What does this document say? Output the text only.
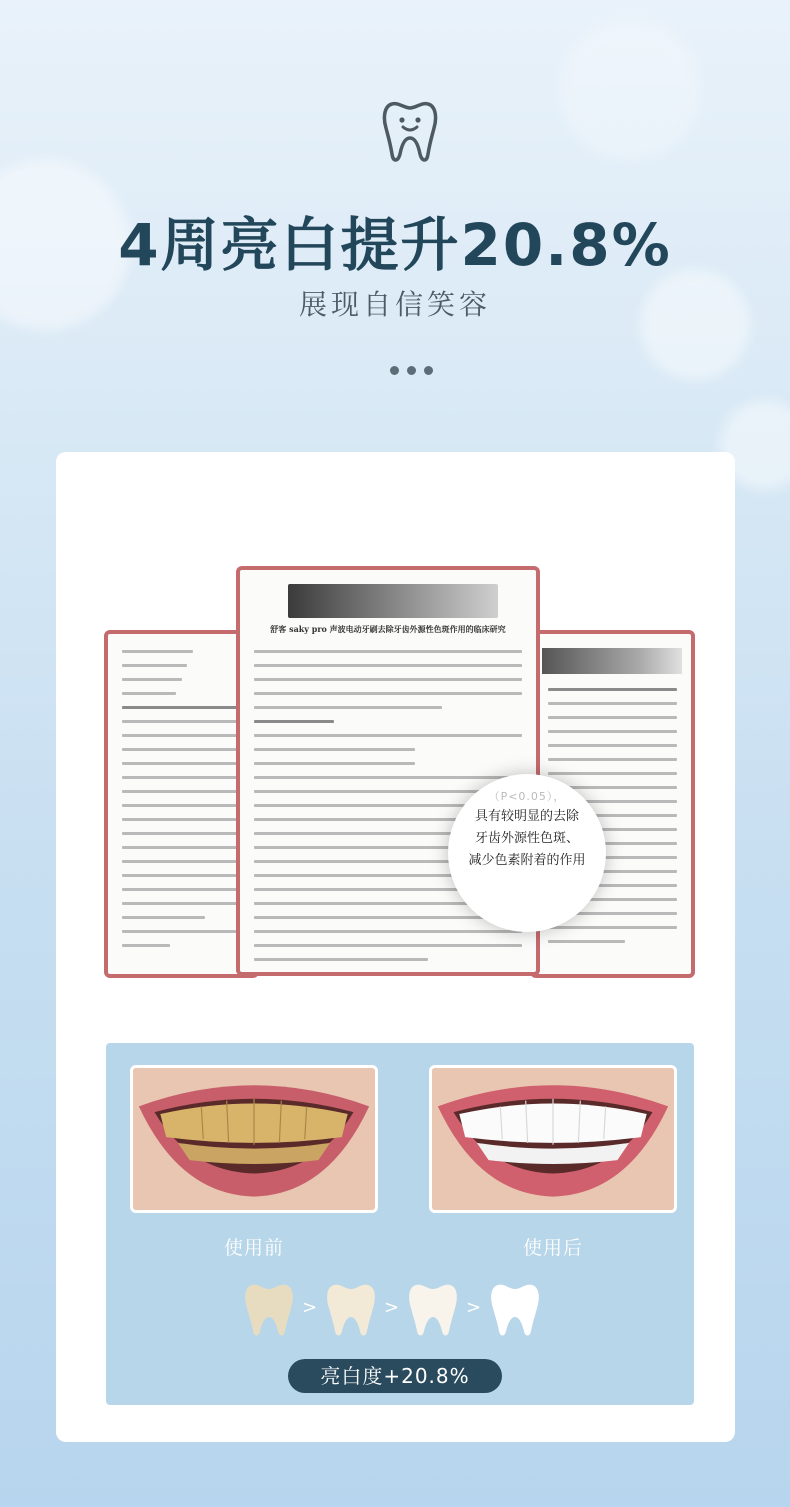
4周亮白提升20.8%
展现自信笑容
舒客 saky pro 声波电动牙刷去除牙齿外源性色斑作用的临床研究
（P<0.05），
具有较明显的去除
牙齿外源性色斑、
减少色素附着的作用
使用前	使用后
>	>	>
亮白度+20.8%
